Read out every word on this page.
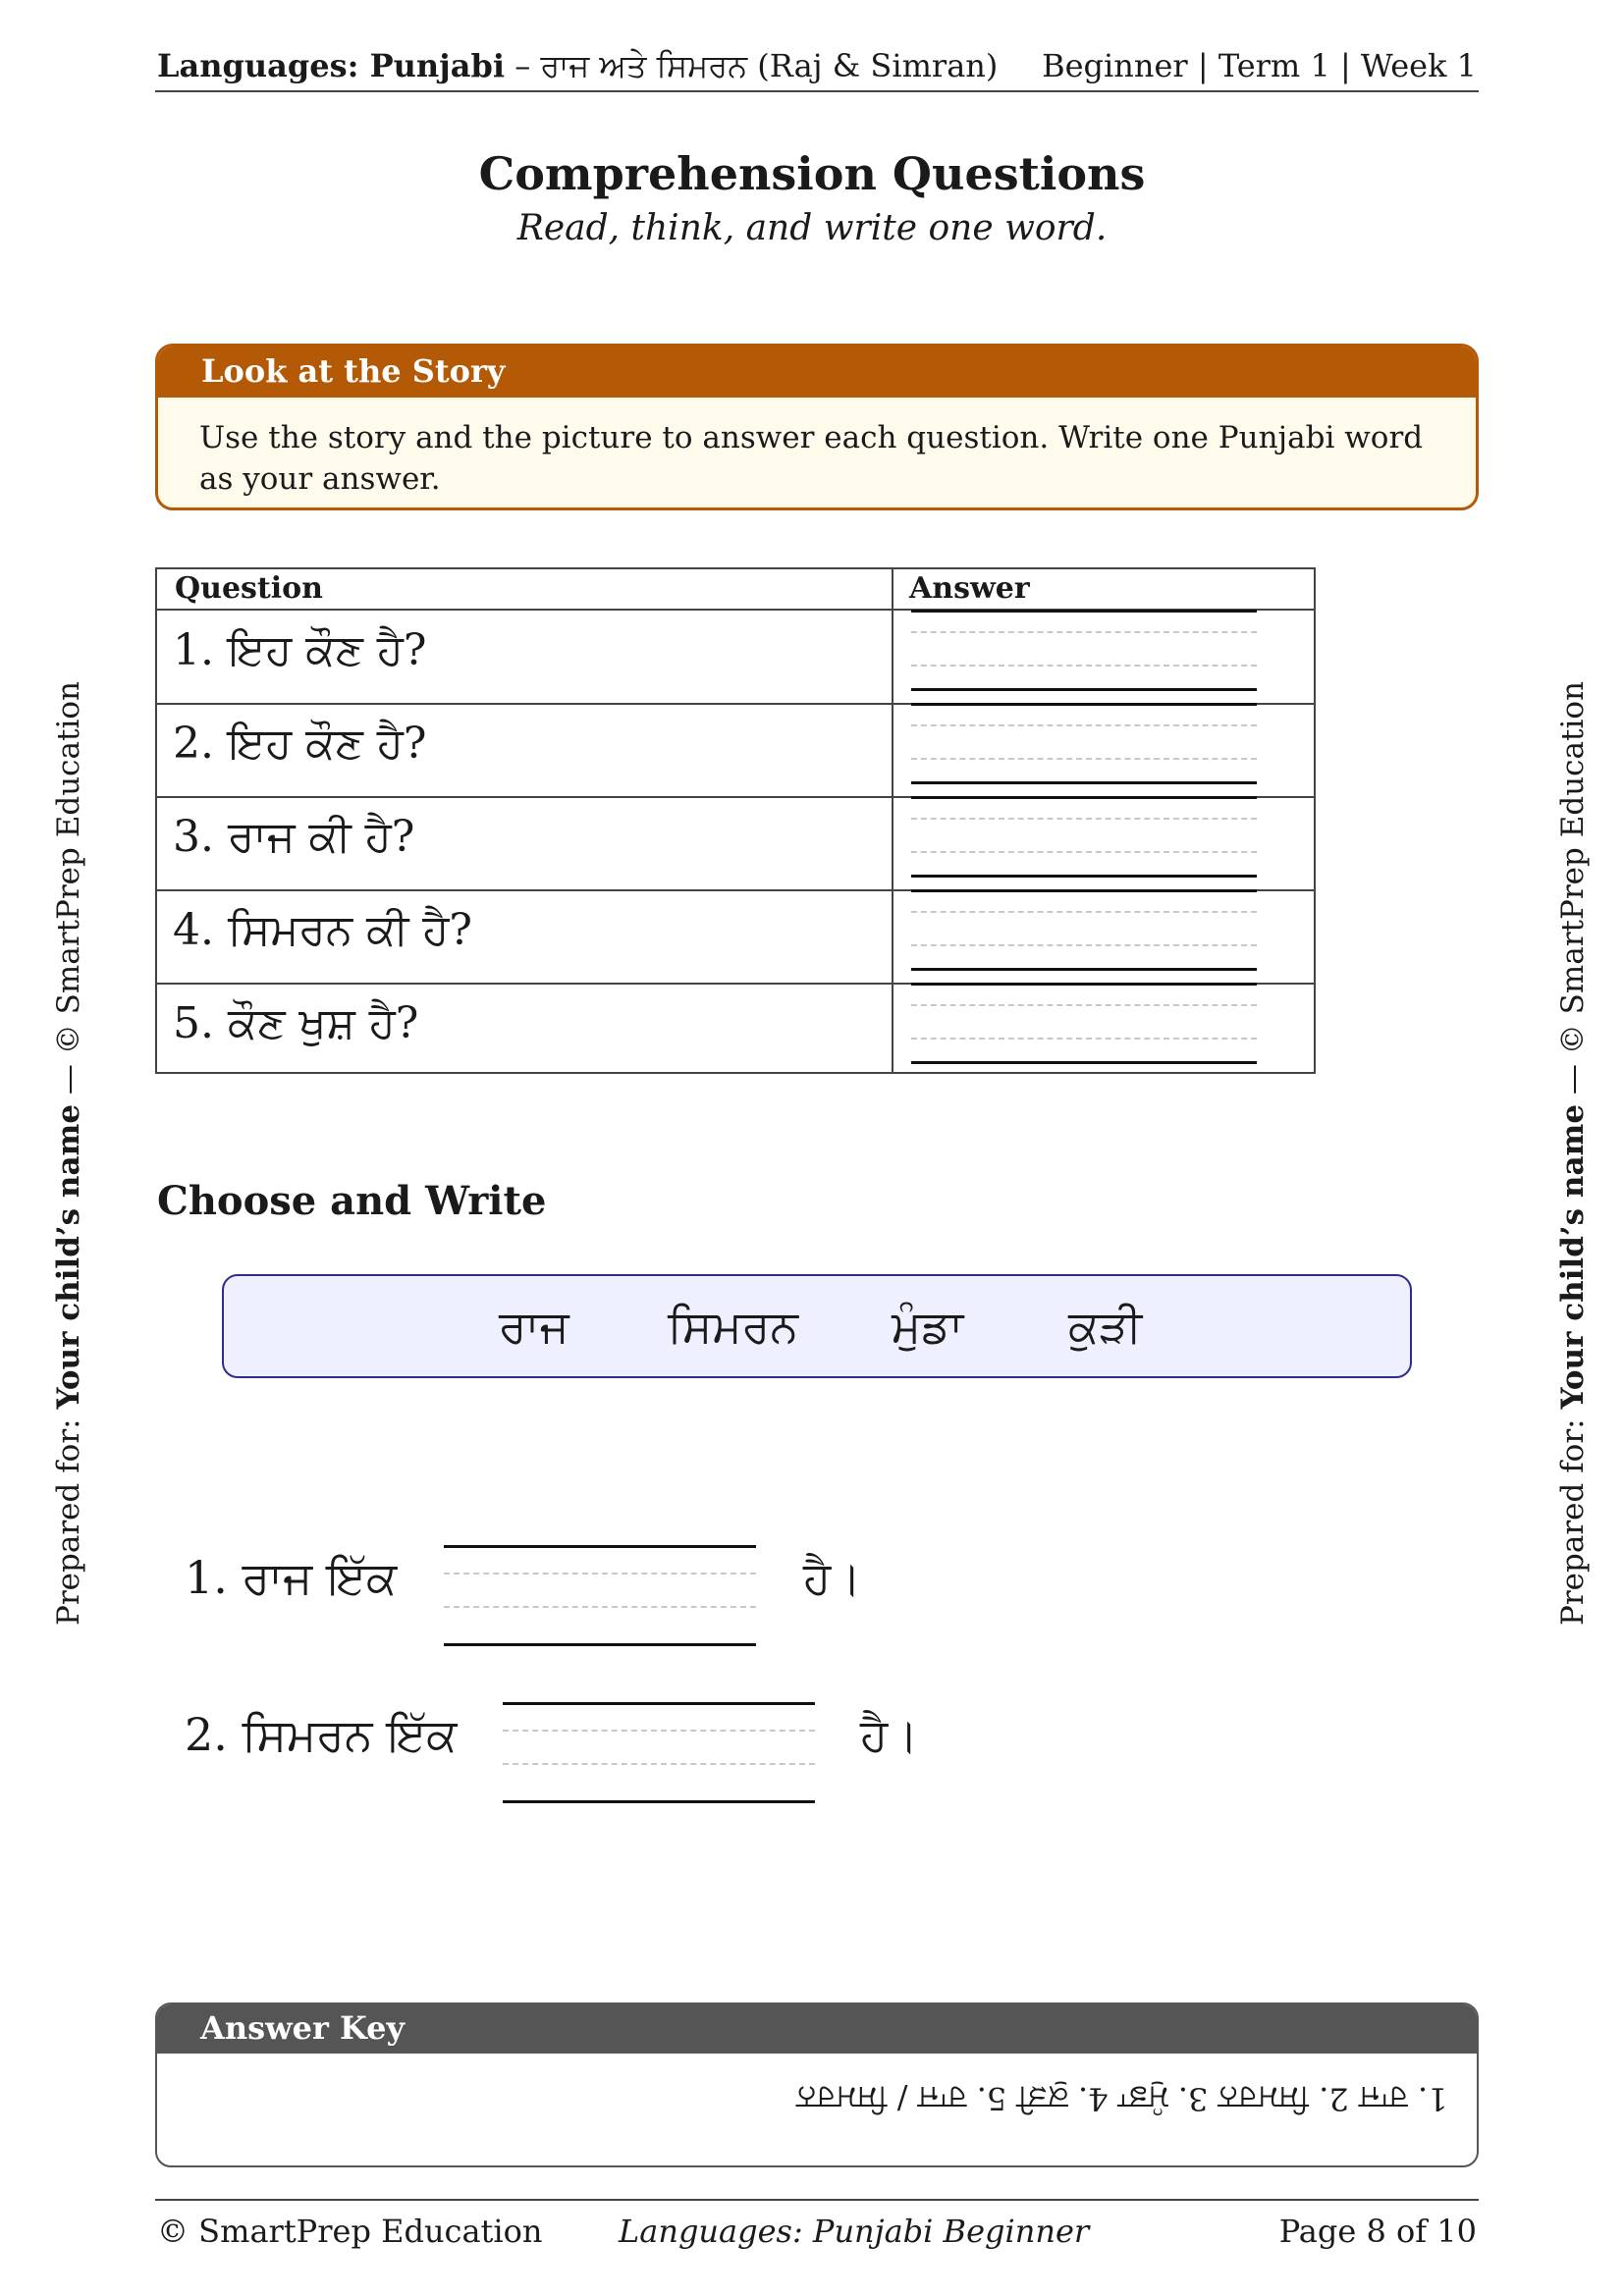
Languages: Punjabi – ਰਾਜ ਅਤੇ ਸਿਮਰਨ (Raj & Simran) Beginner | Term 1 | Week 1
Comprehension Questions
Read, think, and write one word.
Look at the Story
Use the story and the picture to answer each question. Write one Punjabi word as your answer.
Question	Answer
1. ਇਹ ਕੌਣ ਹੈ?
2. ਇਹ ਕੌਣ ਹੈ?
3. ਰਾਜ ਕੀ ਹੈ?
4. ਸਿਮਰਨ ਕੀ ਹੈ?
5. ਕੌਣ ਖੁਸ਼ ਹੈ?
Choose and Write
ਰਾਜ ਸਿਮਰਨ ਮੁੰਡਾ ਕੁੜੀ
1. ਰਾਜ ਇੱਕ	ਹੈ।
2. ਸਿਮਰਨ ਇੱਕ	ਹੈ।
Answer Key
1. ਰਾਜ 2. ਸਿਮਰਨ 3. ਮੁੰਡਾ 4. ਕੁੜੀ 5. ਰਾਜ / ਸਿਮਰਨ
© SmartPrep Education Languages: Punjabi Beginner	Page 8 of 10
Prepared for: Your child’s name — © SmartPrep Education
Prepared for: Your child’s name — © SmartPrep Education
